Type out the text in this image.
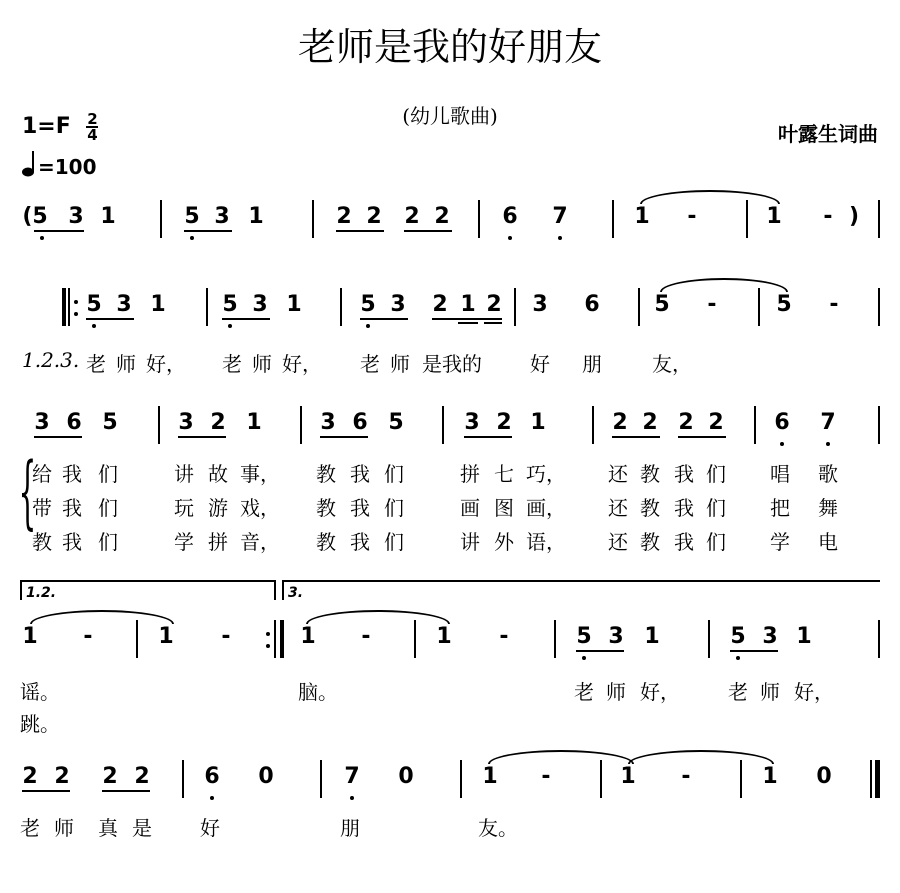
老师是我的好朋友
(幼儿歌曲)
叶露生词曲
$1=F \frac{2}{4}$
=100
(5 3 1	5 3 1	2 2 2 2 6 7	1 -	1 - )
5 3 1	5 3 1	5 3 2 1 2 3 6 5 -	5 -
1.2.3. 老 师 好， 老 师 好， 老 师 是我的 好 朋	友，
3 6 5	3 2 1	3 6 5	3 2 1	2 2 2 2 6 7
{
给 我 们	讲 故 事， 教 我 们	拼 七 巧， 还 教 我 们 唱 歌
带 我 们	玩 游 戏， 教 我 们	画 图 画， 还 教 我 们 把 舞
教 我 们	学 拼 音， 教 我 们	讲 外 语， 还 教 我 们 学 电
1.2.	3.
1 -	1 -	1 -	1 -	5 3 1	5 3 1
谣。	脑。	老 师 好， 老 师 好，
跳。
2 2 2 2 6 0	7 0	1 -	1 -	1 0
老 师 真 是 好	朋	友。
